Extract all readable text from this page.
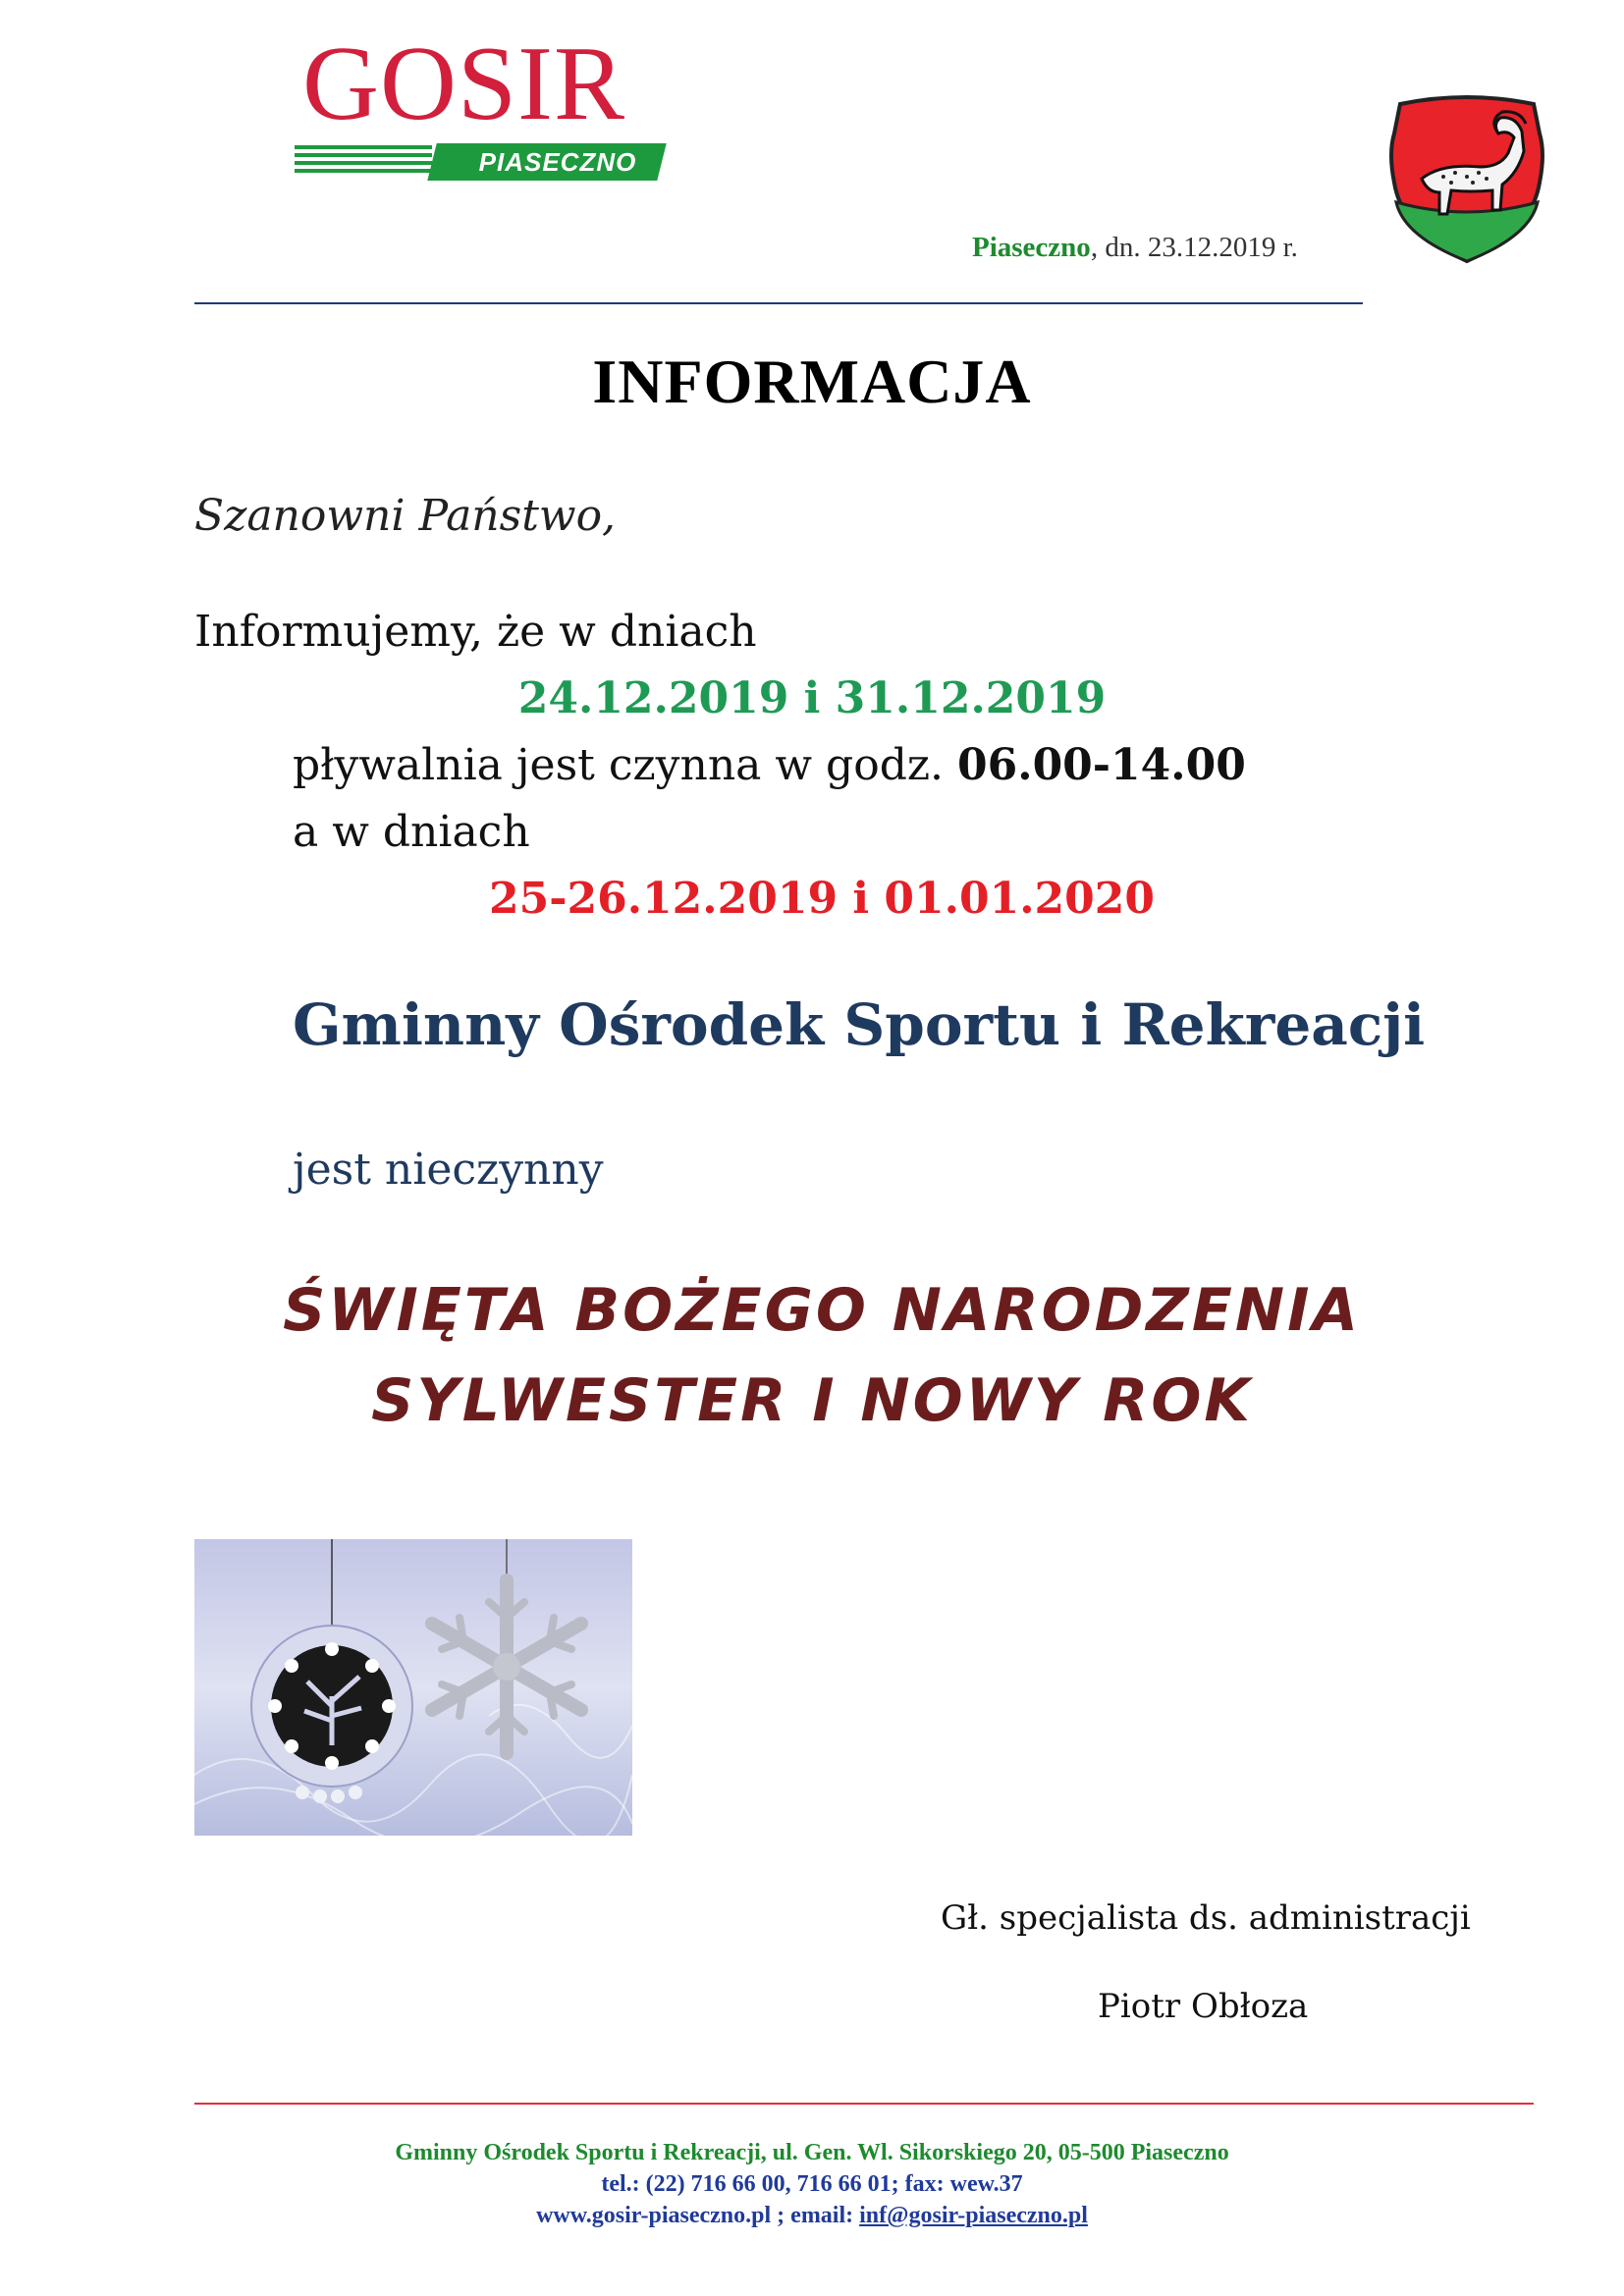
GOSIR
PIASECZNO
Piaseczno, dn. 23.12.2019 r.
INFORMACJA
Szanowni Państwo,
Informujemy, że w dniach
24.12.2019 i 31.12.2019
pływalnia jest czynna w godz. 06.00-14.00
a w dniach
25-26.12.2019 i 01.01.2020
Gminny Ośrodek Sportu i Rekreacji
jest nieczynny
ŚWIĘTA BOŻEGO NARODZENIA
SYLWESTER I NOWY ROK
Gł. specjalista ds. administracji
Piotr Obłoza
Gminny Ośrodek Sportu i Rekreacji, ul. Gen. Wl. Sikorskiego 20, 05-500 Piaseczno
tel.: (22) 716 66 00, 716 66 01; fax: wew.37
www.gosir-piaseczno.pl ; email: inf@gosir-piaseczno.pl
